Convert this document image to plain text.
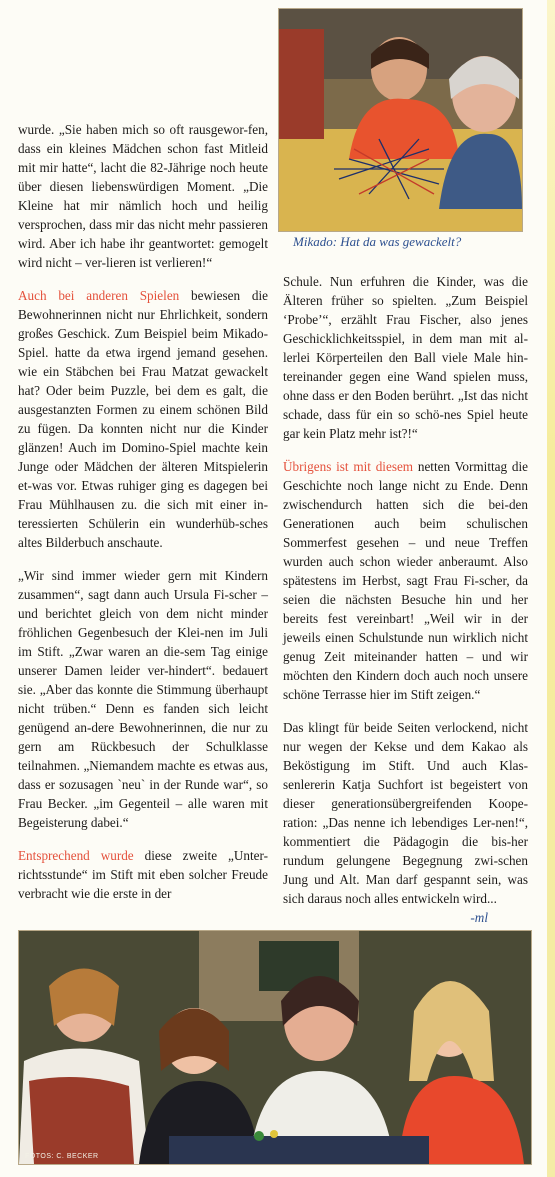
Mikado: Hat da was gewackelt?

wurde. „Sie haben mich so oft rausgewor-fen, dass ein kleines Mädchen schon fast Mitleid mit mir hatte“, lacht die 82-Jährige noch heute über diesen liebenswürdigen Moment. „Die Kleine hat mir nämlich hoch und heilig versprochen, dass mir das nicht mehr passieren wird. Aber ich habe ihr geantwortet: gemogelt wird nicht – ver-lieren ist verlieren!“

Auch bei anderen Spielen bewiesen die Bewohnerinnen nicht nur Ehrlichkeit, sondern großes Geschick. Zum Beispiel beim Mikado-Spiel. hatte da etwa irgend jemand gesehen. wie ein Stäbchen bei Frau Matzat gewackelt hat? Oder beim Puzzle, bei dem es galt, die ausgestanzten Formen zu einem schönen Bild zu fügen. Da konnten nicht nur die Kinder glänzen! Auch im Domino-Spiel machte kein Junge oder Mädchen der älteren Mitspielerin et-was vor. Etwas ruhiger ging es dagegen bei Frau Mühlhausen zu. die sich mit einer in-teressierten Schülerin ein wunderhüb-sches altes Bilderbuch anschaute.

„Wir sind immer wieder gern mit Kindern zusammen“, sagt dann auch Ursula Fi-scher – und berichtet gleich von dem nicht minder fröhlichen Gegenbesuch der Klei-nen im Juli im Stift. „Zwar waren an die-sem Tag einige unserer Damen leider ver-hindert“. bedauert sie. „Aber das konnte die Stimmung überhaupt nicht trüben.“ Denn es fanden sich leicht genügend an-dere Bewohnerinnen, die nur zu gern am Rückbesuch der Schulklasse teilnahmen. „Niemandem machte es etwas aus, dass er sozusagen `neu` in der Runde war“, so Frau Becker. „im Gegenteil – alle waren mit Begeisterung dabei.“

Entsprechend wurde diese zweite „Unter-richtsstunde“ im Stift mit eben solcher Freude verbracht wie die erste in der

Schule. Nun erfuhren die Kinder, was die Älteren früher so spielten. „Zum Beispiel ‘Probe’“, erzählt Frau Fischer, also jenes Geschicklichkeitsspiel, in dem man mit al-lerlei Körperteilen den Ball viele Male hin-tereinander gegen eine Wand spielen muss, ohne dass er den Boden berührt. „Ist das nicht schade, dass für ein so schö-nes Spiel heute gar kein Platz mehr ist?!“

Übrigens ist mit diesem netten Vormittag die Geschichte noch lange nicht zu Ende. Denn zwischendurch hatten sich die bei-den Generationen auch beim schulischen Sommerfest gesehen – und neue Treffen wurden auch schon wieder anberaumt. Also spätestens im Herbst, sagt Frau Fi-scher, da seien die nächsten Besuche hin und her bereits fest vereinbart! „Weil wir in der jeweils einen Schulstunde nun wirklich nicht genug Zeit miteinander hatten – und wir möchten den Kindern doch auch noch unsere schöne Terrasse hier im Stift zeigen.“

Das klingt für beide Seiten verlockend, nicht nur wegen der Kekse und dem Kakao als Beköstigung im Stift. Und auch Klas-senlererin Katja Suchfort ist begeistert von dieser generationsübergreifenden Koope-ration: „Das nenne ich lebendiges Ler-nen!“, kommentiert die Pädagogin die bis-her rundum gelungene Begegnung zwi-schen Jung und Alt. Man darf gespannt sein, was sich daraus noch alles entwickeln wird...
-ml

FOTOS: C. BECKER
